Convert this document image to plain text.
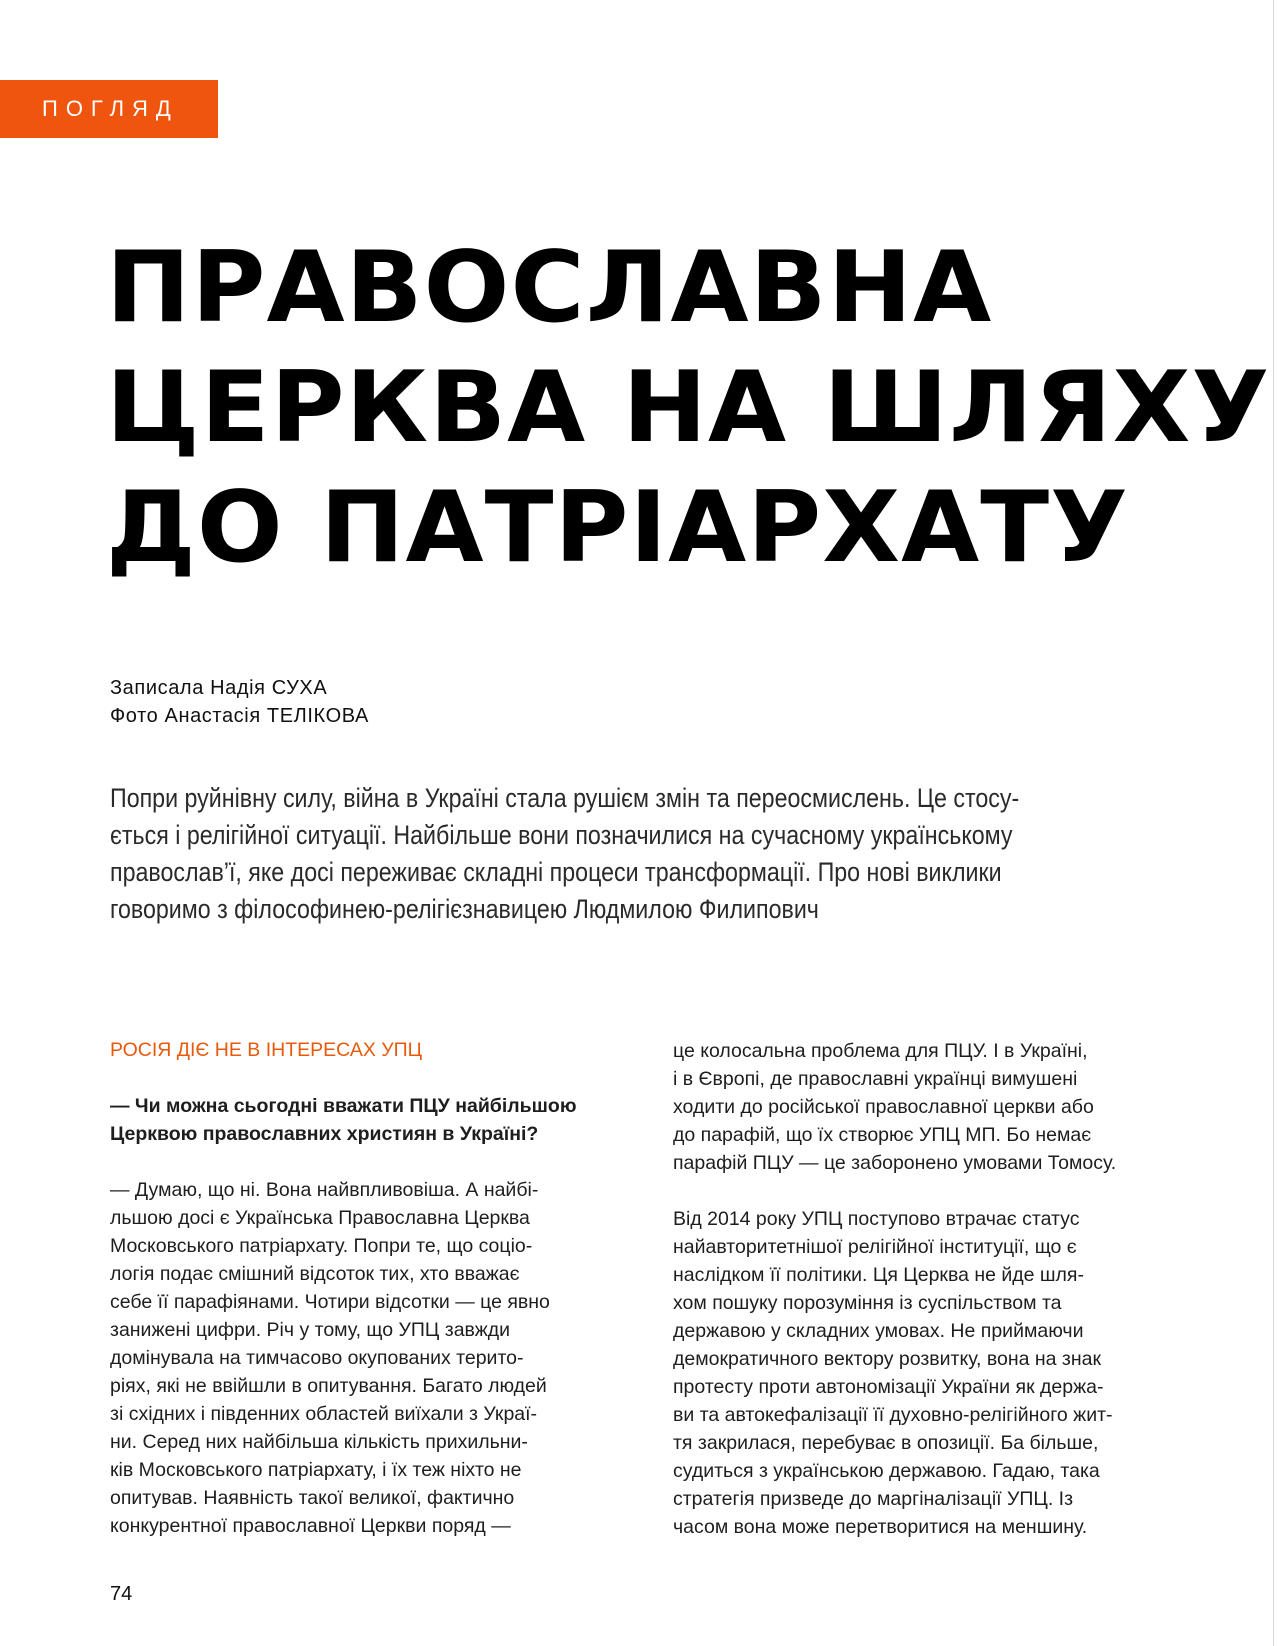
ПОГЛЯД
ПРАВОСЛАВНА
ЦЕРКВА НА ШЛЯХУ
ДО ПАТРІАРХАТУ
Записала Надія СУХА
Фото Анастасія ТЕЛІКОВА
Попри руйнівну силу, війна в Україні стала рушієм змін та переосмислень. Це стосу-
ється і релігійної ситуації. Найбільше вони позначилися на сучасному українському
православ’ї, яке досі переживає складні процеси трансформації. Про нові виклики
говоримо з філософинею-релігієзнавицею Людмилою Филипович
РОСІЯ ДІЄ НЕ В ІНТЕРЕСАХ УПЦ
— Чи можна сьогодні вважати ПЦУ найбільшою
Церквою православних християн в Україні?
— Думаю, що ні. Вона найвпливовіша. А найбі-
льшою досі є Українська Православна Церква
Московського патріархату. Попри те, що соціо-
логія подає смішний відсоток тих, хто вважає
себе її парафіянами. Чотири відсотки — це явно
занижені цифри. Річ у тому, що УПЦ завжди
домінувала на тимчасово окупованих терито-
ріях, які не ввійшли в опитування. Багато людей
зі східних і південних областей виїхали з Украї-
ни. Серед них найбільша кількість прихильни-
ків Московського патріархату, і їх теж ніхто не
опитував. Наявність такої великої, фактично
конкурентної православної Церкви поряд —
це колосальна проблема для ПЦУ. І в Україні,
і в Європі, де православні українці вимушені
ходити до російської православної церкви або
до парафій, що їх створює УПЦ МП. Бо немає
парафій ПЦУ — це заборонено умовами Томосу.
Від 2014 року УПЦ поступово втрачає статус
найавторитетнішої релігійної інституції, що є
наслідком її політики. Ця Церква не йде шля-
хом пошуку порозуміння із суспільством та
державою у складних умовах. Не приймаючи
демократичного вектору розвитку, вона на знак
протесту проти автономізації України як держа-
ви та автокефалізації її духовно-релігійного жит-
тя закрилася, перебуває в опозиції. Ба більше,
судиться з українською державою. Гадаю, така
стратегія призведе до маргіналізації УПЦ. Із
часом вона може перетворитися на меншину.
74
